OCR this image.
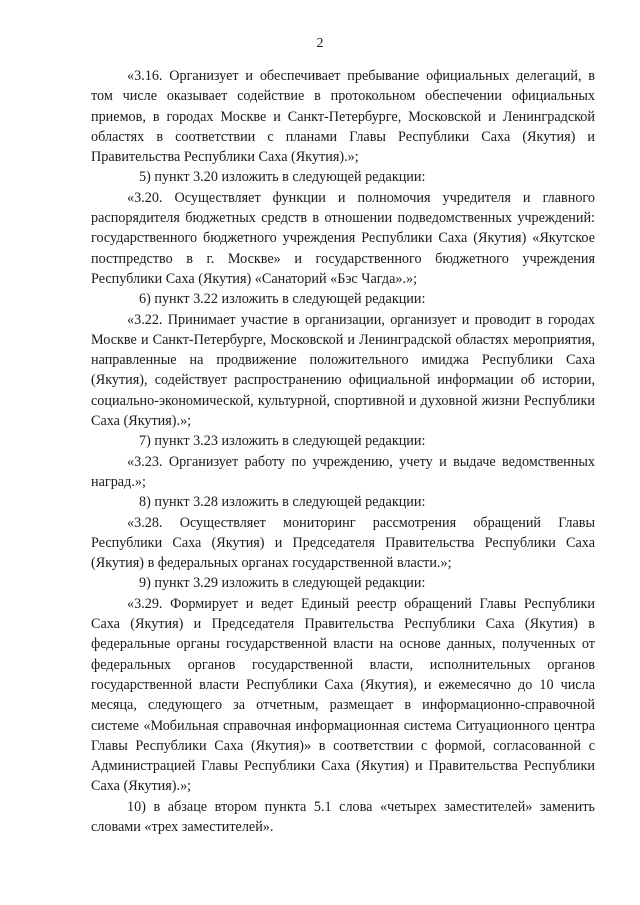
2

«3.16. Организует и обеспечивает пребывание официальных делегаций, в том числе оказывает содействие в протокольном обеспечении официальных приемов, в городах Москве и Санкт-Петербурге, Московской и Ленинградской областях в соответствии с планами Главы Республики Саха (Якутия) и Правительства Республики Саха (Якутия).»;

5) пункт 3.20 изложить в следующей редакции:

«3.20. Осуществляет функции и полномочия учредителя и главного распорядителя бюджетных средств в отношении подведомственных учреждений: государственного бюджетного учреждения Республики Саха (Якутия) «Якутское постпредство в г. Москве» и государственного бюджетного учреждения Республики Саха (Якутия) «Санаторий «Бэс Чагда».»;

6) пункт 3.22 изложить в следующей редакции:

«3.22. Принимает участие в организации, организует и проводит в городах Москве и Санкт-Петербурге, Московской и Ленинградской областях мероприятия, направленные на продвижение положительного имиджа Республики Саха (Якутия), содействует распространению официальной информации об истории, социально-экономической, культурной, спортивной и духовной жизни Республики Саха (Якутия).»;

7) пункт 3.23 изложить в следующей редакции:

«3.23. Организует работу по учреждению, учету и выдаче ведомственных наград.»;

8) пункт 3.28 изложить в следующей редакции:

«3.28. Осуществляет мониторинг рассмотрения обращений Главы Республики Саха (Якутия) и Председателя Правительства Республики Саха (Якутия) в федеральных органах государственной власти.»;

9) пункт 3.29 изложить в следующей редакции:

«3.29. Формирует и ведет Единый реестр обращений Главы Республики Саха (Якутия) и Председателя Правительства Республики Саха (Якутия) в федеральные органы государственной власти на основе данных, полученных от федеральных органов государственной власти, исполнительных органов государственной власти Республики Саха (Якутия), и ежемесячно до 10 числа месяца, следующего за отчетным, размещает в информационно-справочной системе «Мобильная справочная информационная система Ситуационного центра Главы Республики Саха (Якутия)» в соответствии с формой, согласованной с Администрацией Главы Республики Саха (Якутия) и Правительства Республики Саха (Якутия).»;

10) в абзаце втором пункта 5.1 слова «четырех заместителей» заменить словами «трех заместителей».
